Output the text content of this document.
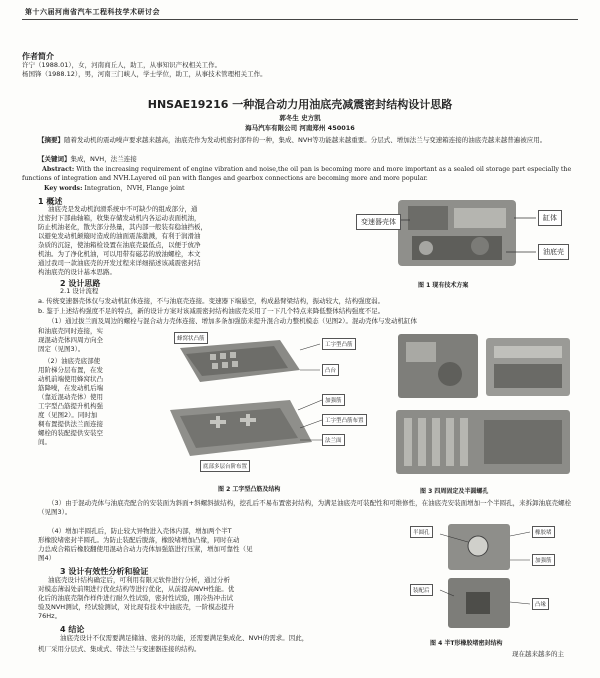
第十六届河南省汽车工程科技学术研讨会
作者简介
许宁（1988.01），女，河南商丘人，助工，从事知识产权相关工作。
杨国锋（1988.12），男，河南三门峡人，学士学位，助工，从事技术管理相关工作。
HNSAE19216 一种混合动力用油底壳减震密封结构设计思路
郭冬生 史方凯
海马汽车有限公司 河南郑州 450016
【摘要】随着发动机的震动噪声要求越来越高，油底壳作为发动机密封部件的一种，集成、NVH等功能越来越重要。分层式、增加法兰与变速箱连接的油底壳越来越普遍被应用。
【关键词】集成，NVH，法兰连接
Abstract: With the increasing requirement of engine vibration and noise,the oil pan is becoming more and more important as a sealed oil storage part especially the functions of integration and NVH.Layered oil pan with flanges and gearbox connections are becoming more and more popular.
Key words: Integration，NVH, Flange joint
1 概述
油底壳是发动机润滑系统中不可缺少的组成部分，通
过密封下部曲轴箱，收集存储发动机内各运动表面机油，
防止机油老化，散失部分热量，其内部一般装有稳油挡板，
以避免发动机颠簸时造成的油面震荡激溅，有利于润滑油
杂质的沉淀，使油箱检设置在油底壳最低点，以便于放净
机油。为了净化机油，可以用带有磁芯的放油螺栓，本文
通过我司一款油底壳的开发过程来详细描述该减震密封结
构油底壳的设计基本思路。
变速器壳体	缸体
油底壳
图 1 现有技术方案
2 设计思路
2.1 设计流程
a. 传统变速器壳体仅与发动机缸体连接，不与油底壳连接。变速器下端悬空，构成悬臂梁结构，振动较大，结构强度弱。
b. 鉴于上述结构强度不足的特点，新的设计方案对该减震密封结构油底壳采用了一下几个特点来降低整体结构强度不足。
（1）通过拔兰面及周边的螺栓与混合动力壳体连接、增加多条加强筋来提升混合动力整机模态（见图2）。混动壳体与发动机缸体
和油底壳同时连接，实
现混动壳体四周方向全
固定（见图3）。
（2）油底壳底部使
用阶梯分层布置，在发
动机前端使用蜂窝状凸
筋降噪，在发动机后端
（靠近混动壳体）使用
工字型凸筋提升机构强
度（见图2）。同时加
稠布置提供法兰面连接
螺栓的装配提供安装空
间。
蜂窝状凸筋
工字型凸筋
凸台
加强筋
工字型凸筋布置
法兰面
底部多层台阶布置
图 2 工字型凸筋及结构	图 3 四周固定及半圆螺孔
（3）由于混动壳体与油底壳配合的安装面为斜面+斜螺斜拔结构，挖孔后不易布置密封结构，为满足油底壳可装配性和可维修性，在油底壳安装面增加一个半圆孔，来拆卸油底壳螺栓（见图3）。
（4）增加半圆孔后，防止较大异物进入壳体内部，增加两个半T
形橡胶堵密封半圆孔。为防止装配后脱落，橡胶堵增加凸缘，同时在动
力总成合箱后橡胶翻使用混动合动力壳体加强筋进行压紧，增加可靠性（见
图4）
3 设计有效性分析和验证
油底壳设计结构确定后，可利用有限元软件进行分析，通过分析
对模态薄弱处前期进行优化结构等进行优化，从前提高NVH性能。优
化后的油底壳制作样件进行耐久性试验，密封性试验，刚冷热冲击试
验及NVH测试，经试验测试，对比现有技术中油底壳，一阶模态提升
76Hz。
半圆孔	橡胶堵
加强筋
装配后
凸缘
图 4 半T形橡胶堵密封结构
4 结论
油底壳设计不仅需要满足储油、密封的功能，还需要满足集成化、NVH的需求。因此，
机厂采用分层式、集成式、带法兰与变速器连接的结构。
现在越来越多的主
